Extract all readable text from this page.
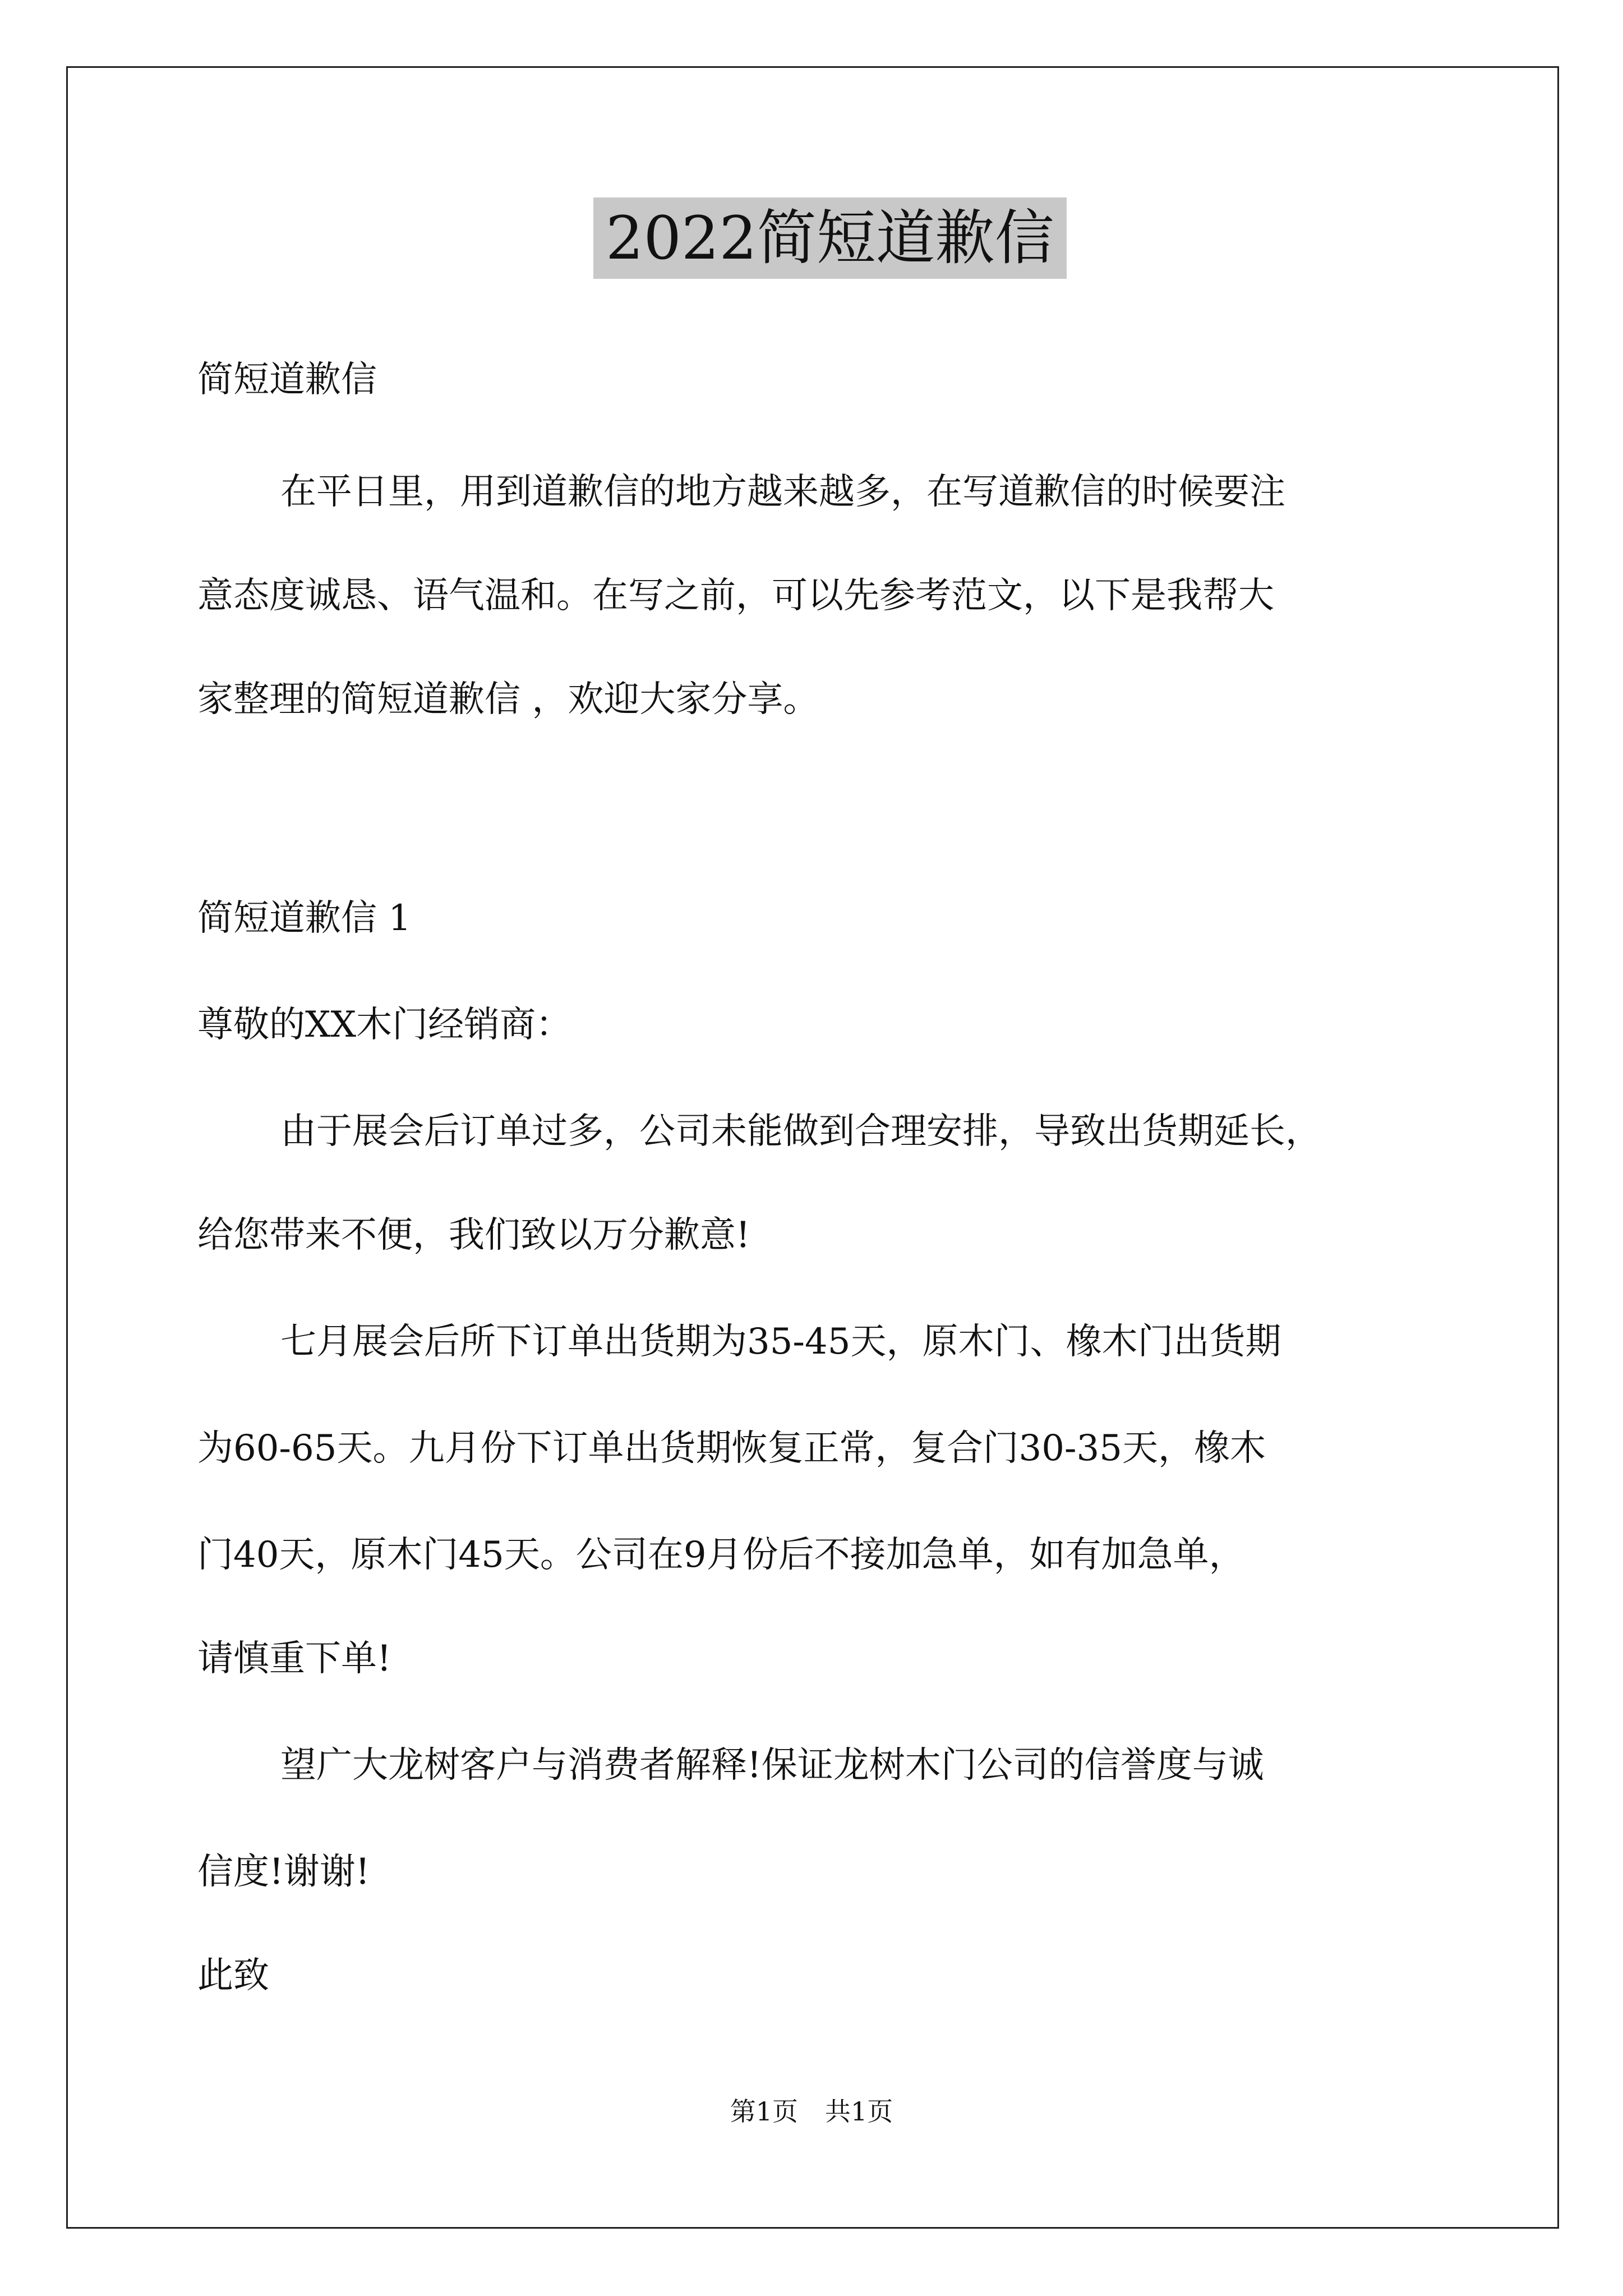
2022简短道歉信
简短道歉信
在平日里，用到道歉信的地方越来越多，在写道歉信的时候要注
意态度诚恳、语气温和。在写之前，可以先参考范文，以下是我帮大
家整理的简短道歉信 ，欢迎大家分享。
简短道歉信 1
尊敬的XX木门经销商：
由于展会后订单过多，公司未能做到合理安排，导致出货期延长，
给您带来不便，我们致以万分歉意!
七月展会后所下订单出货期为35-45天，原木门、橡木门出货期
为60-65天。九月份下订单出货期恢复正常，复合门30-35天，橡木
门40天，原木门45天。公司在9月份后不接加急单，如有加急单，
请慎重下单!
望广大龙树客户与消费者解释!保证龙树木门公司的信誉度与诚
信度!谢谢!
此致
第1页 共1页
